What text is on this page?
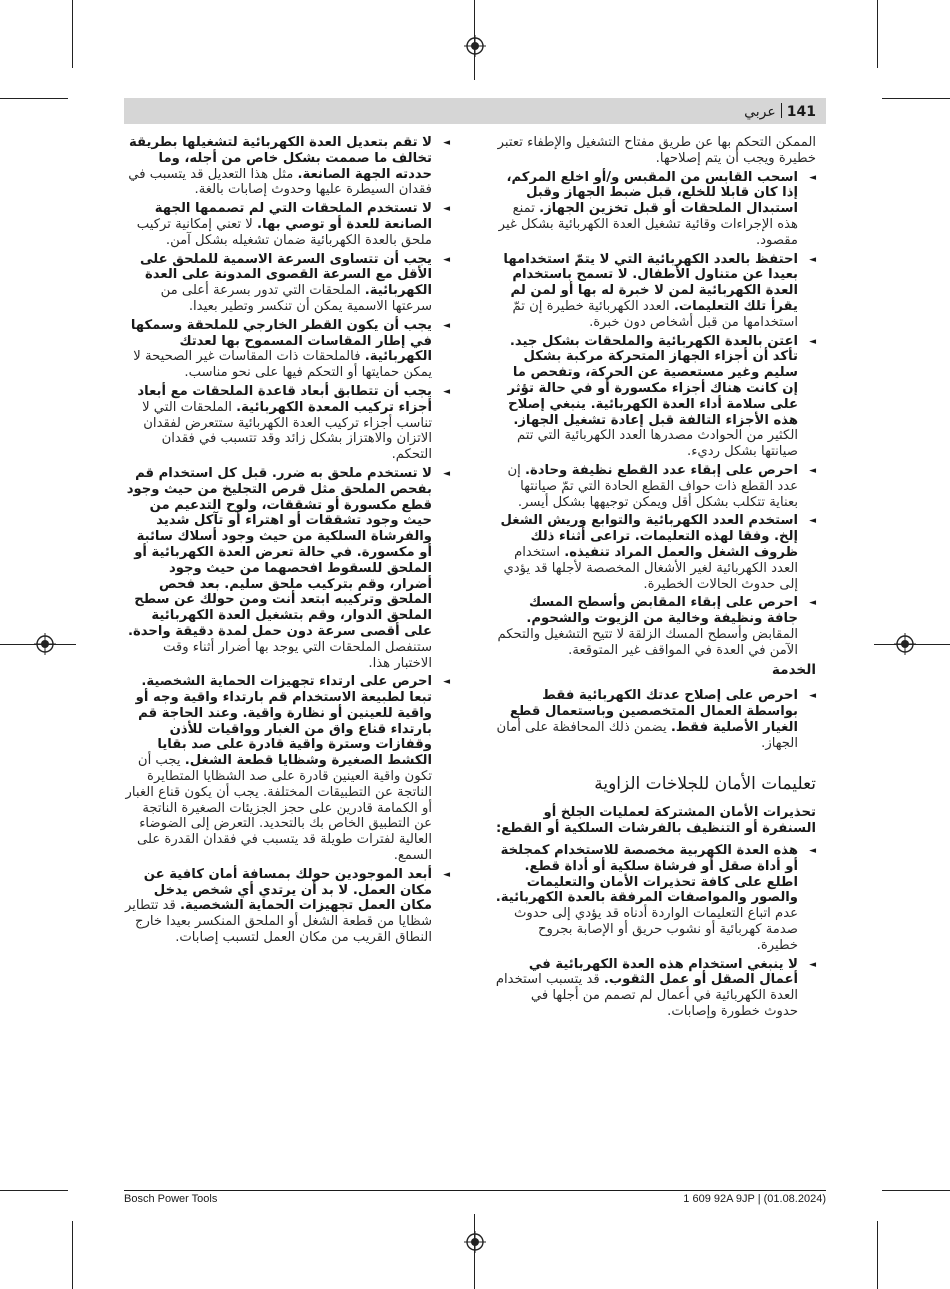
141عربي
الممكن التحكم بها عن طريق مفتاح التشغيل والإطفاء تعتبر خطيرة ويجب أن يتم إصلاحها.
◄ اسحب القابس من المقبس و/أو اخلع المركم، إذا كان قابلا للخلع، قبل ضبط الجهاز وقبل استبدال الملحقات أو قبل تخزين الجهاز. تمنع هذه الإجراءات وقائية تشغيل العدة الكهربائية بشكل غير مقصود.
◄ احتفظ بالعدد الكهربائية التي لا يتمّ استخدامها بعيدا عن متناول الأطفال. لا تسمح باستخدام العدة الكهربائية لمن لا خبرة له بها أو لمن لم يقرأ تلك التعليمات. العدد الكهربائية خطيرة إن تمّ استخدامها من قبل أشخاص دون خبرة.
◄ اعتن بالعدة الكهربائية والملحقات بشكل جيد. تأكد أن أجزاء الجهاز المتحركة مركبة بشكل سليم وغير مستعصية عن الحركة، وتفحص ما إن كانت هناك أجزاء مكسورة أو في حالة تؤثر على سلامة أداء العدة الكهربائية. ينبغي إصلاح هذه الأجزاء التالفة قبل إعادة تشغيل الجهاز. الكثير من الحوادث مصدرها العدد الكهربائية التي تتم صيانتها بشكل رديء.
◄ احرص على إبقاء عدد القطع نظيفة وحادة. إن عدد القطع ذات حواف القطع الحادة التي تمّ صيانتها بعناية تتكلب بشكل أقل ويمكن توجيهها بشكل أيسر.
◄ استخدم العدد الكهربائية والتوابع وريش الشغل إلخ. وفقا لهذه التعليمات. تراعى أثناء ذلك ظروف الشغل والعمل المراد تنفيذه. استخدام العدد الكهربائية لغير الأشغال المخصصة لأجلها قد يؤدي إلى حدوث الحالات الخطيرة.
◄ احرص على إبقاء المقابض وأسطح المسك جافة ونظيفة وخالية من الزيوت والشحوم. المقابض وأسطح المسك الزلقة لا تتيح التشغيل والتحكم الآمن في العدة في المواقف غير المتوقعة.
الخدمة
◄ احرص على إصلاح عدتك الكهربائية فقط بواسطة العمال المتخصصين وباستعمال قطع الغيار الأصلية فقط. يضمن ذلك المحافظة على أمان الجهاز.
تعليمات الأمان للجلاخات الزاوية
تحذيرات الأمان المشتركة لعمليات الجلخ أو السنفرة أو التنظيف بالفرشات السلكية أو القطع:
◄ هذه العدة الكهربية مخصصة للاستخدام كمجلخة أو أداة صقل أو فرشاة سلكية أو أداة قطع. اطلع على كافة تحذيرات الأمان والتعليمات والصور والمواصفات المرفقة بالعدة الكهربائية. عدم اتباع التعليمات الواردة أدناه قد يؤدي إلى حدوث صدمة كهربائية أو نشوب حريق أو الإصابة بجروح خطيرة.
◄ لا ينبغي استخدام هذه العدة الكهربائية في أعمال الصقل أو عمل الثقوب. قد يتسبب استخدام العدة الكهربائية في أعمال لم تصمم من أجلها في حدوث خطورة وإصابات.
◄ لا تقم بتعديل العدة الكهربائية لتشغيلها بطريقة تخالف ما صممت بشكل خاص من أجله، وما حددته الجهة الصانعة. مثل هذا التعديل قد يتسبب في فقدان السيطرة عليها وحدوث إصابات بالغة.
◄ لا تستخدم الملحقات التي لم تصممها الجهة الصانعة للعدة أو توصي بها. لا تعني إمكانية تركيب ملحق بالعدة الكهربائية ضمان تشغيله بشكل آمن.
◄ يجب أن تتساوى السرعة الاسمية للملحق على الأقل مع السرعة القصوى المدونة على العدة الكهربائية. الملحقات التي تدور بسرعة أعلى من سرعتها الاسمية يمكن أن تنكسر وتطير بعيدا.
◄ يجب أن يكون القطر الخارجي للملحقة وسمكها في إطار المقاسات المسموح بها لعدتك الكهربائية. فالملحقات ذات المقاسات غير الصحيحة لا يمكن حمايتها أو التحكم فيها على نحو مناسب.
◄ يجب أن تتطابق أبعاد قاعدة الملحقات مع أبعاد أجزاء تركيب المعدة الكهربائية. الملحقات التي لا تناسب أجزاء تركيب العدة الكهربائية ستتعرض لفقدان الاتزان والاهتزاز بشكل زائد وقد تتسبب في فقدان التحكم.
◄ لا تستخدم ملحق به ضرر. قبل كل استخدام قم بفحص الملحق مثل قرص التجليخ من حيث وجود قطع مكسورة أو تشققات، ولوح التدعيم من حيث وجود تشققات أو اهتراء أو تآكل شديد والفرشاة السلكية من حيث وجود أسلاك سائبة أو مكسورة. في حالة تعرض العدة الكهربائية أو الملحق للسقوط افحصهما من حيث وجود أضرار، وقم بتركيب ملحق سليم. بعد فحص الملحق وتركيبه ابتعد أنت ومن حولك عن سطح الملحق الدوار، وقم بتشغيل العدة الكهربائية على أقصى سرعة دون حمل لمدة دقيقة واحدة. ستنفصل الملحقات التي يوجد بها أضرار أثناء وقت الاختبار هذا.
◄ احرص على ارتداء تجهيزات الحماية الشخصية. تبعا لطبيعة الاستخدام قم بارتداء واقية وجه أو واقية للعينين أو نظارة واقية. وعند الحاجة قم بارتداء قناع واق من الغبار وواقيات للأذن وقفازات وسترة واقية قادرة على صد بقايا الكشط الصغيرة وشظايا قطعة الشغل. يجب أن تكون واقية العينين قادرة على صد الشظايا المتطايرة الناتجة عن التطبيقات المختلفة. يجب أن يكون قناع الغبار أو الكمامة قادرين على حجز الجزيئات الصغيرة الناتجة عن التطبيق الخاص بك بالتحديد. التعرض إلى الضوضاء العالية لفترات طويلة قد يتسبب في فقدان القدرة على السمع.
◄ أبعد الموجودين حولك بمسافة أمان كافية عن مكان العمل. لا بد أن يرتدي أي شخص يدخل مكان العمل تجهيزات الحماية الشخصية. قد تتطاير شظايا من قطعة الشغل أو الملحق المنكسر بعيدا خارج النطاق القريب من مكان العمل لتسبب إصابات.
Bosch Power Tools	1 609 92A 9JP | (01.08.2024)
